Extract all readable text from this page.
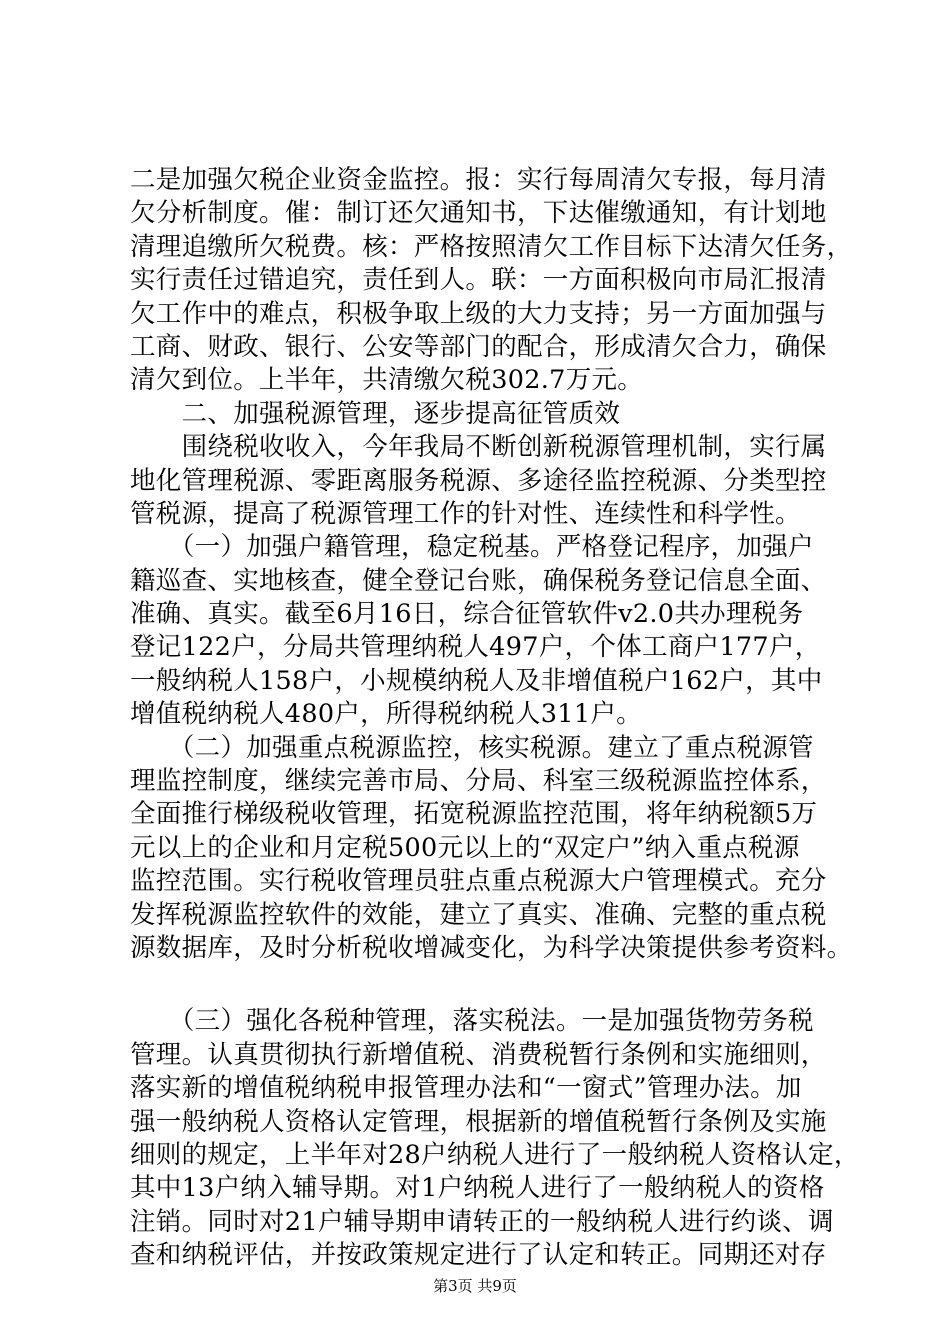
二是加强欠税企业资金监控。报：实行每周清欠专报，每月清
欠分析制度。催：制订还欠通知书，下达催缴通知，有计划地
清理追缴所欠税费。核：严格按照清欠工作目标下达清欠任务，
实行责任过错追究，责任到人。联：一方面积极向市局汇报清
欠工作中的难点，积极争取上级的大力支持；另一方面加强与
工商、财政、银行、公安等部门的配合，形成清欠合力，确保
清欠到位。上半年，共清缴欠税302.7万元。
　　二、加强税源管理，逐步提高征管质效
　　围绕税收收入，今年我局不断创新税源管理机制，实行属
地化管理税源、零距离服务税源、多途径监控税源、分类型控
管税源，提高了税源管理工作的针对性、连续性和科学性。
　　（一）加强户籍管理，稳定税基。严格登记程序，加强户
籍巡查、实地核查，健全登记台账，确保税务登记信息全面、
准确、真实。截至6月16日，综合征管软件v2.0共办理税务
登记122户，分局共管理纳税人497户，个体工商户177户，
一般纳税人158户，小规模纳税人及非增值税户162户，其中
增值税纳税人480户，所得税纳税人311户。
　　（二）加强重点税源监控，核实税源。建立了重点税源管
理监控制度，继续完善市局、分局、科室三级税源监控体系，
全面推行梯级税收管理，拓宽税源监控范围，将年纳税额5万
元以上的企业和月定税500元以上的“双定户”纳入重点税源
监控范围。实行税收管理员驻点重点税源大户管理模式。充分
发挥税源监控软件的效能，建立了真实、准确、完整的重点税
源数据库，及时分析税收增减变化，为科学决策提供参考资料。
　　（三）强化各税种管理，落实税法。一是加强货物劳务税
管理。认真贯彻执行新增值税、消费税暂行条例和实施细则，
落实新的增值税纳税申报管理办法和“一窗式”管理办法。加
强一般纳税人资格认定管理，根据新的增值税暂行条例及实施
细则的规定，上半年对28户纳税人进行了一般纳税人资格认定，
其中13户纳入辅导期。对1户纳税人进行了一般纳税人的资格
注销。同时对21户辅导期申请转正的一般纳税人进行约谈、调
查和纳税评估，并按政策规定进行了认定和转正。同期还对存
第3页 共9页
